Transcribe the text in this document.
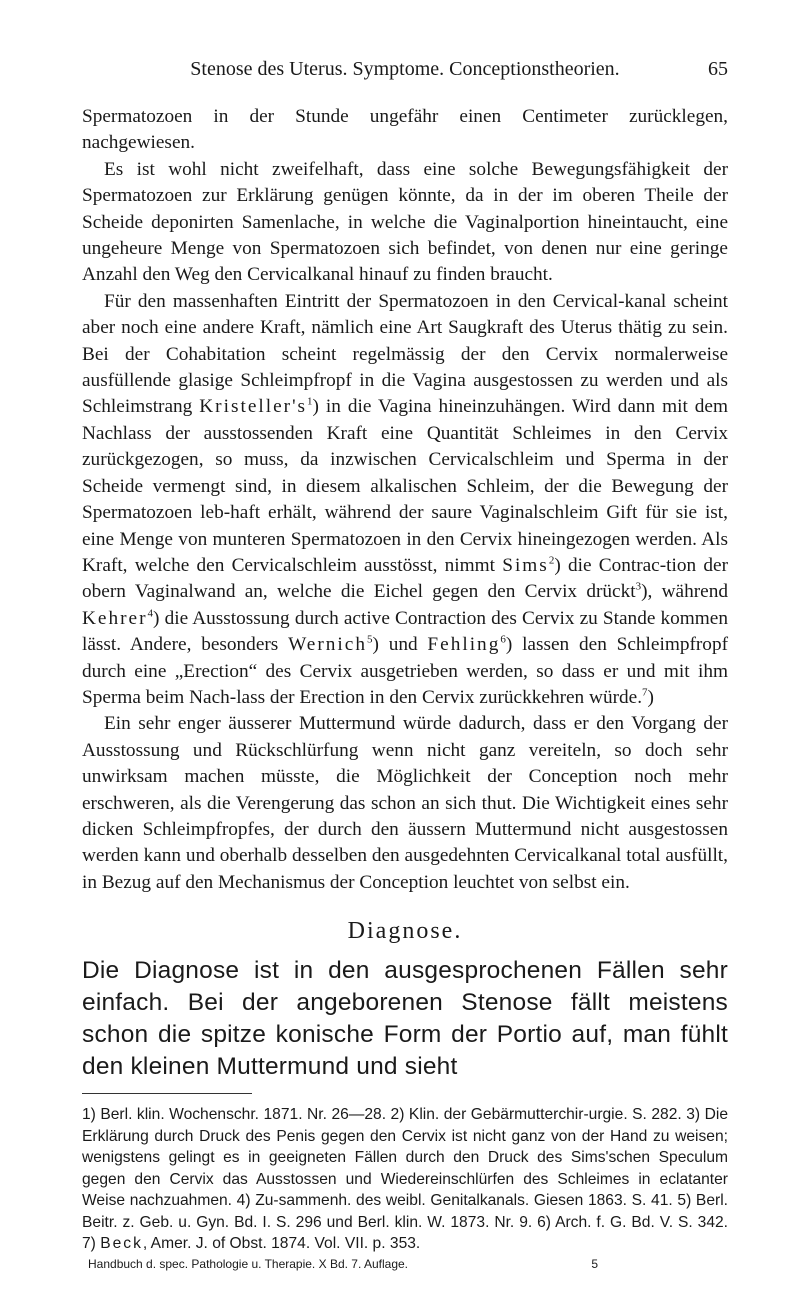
Stenose des Uterus. Symptome. Conceptionstheorien.	65

Spermatozoen in der Stunde ungefähr einen Centimeter zurücklegen, nachgewiesen.

Es ist wohl nicht zweifelhaft, dass eine solche Bewegungsfähigkeit der Spermatozoen zur Erklärung genügen könnte, da in der im oberen Theile der Scheide deponirten Samenlache, in welche die Vaginalportion hineintaucht, eine ungeheure Menge von Spermatozoen sich befindet, von denen nur eine geringe Anzahl den Weg den Cervicalkanal hinauf zu finden braucht.

Für den massenhaften Eintritt der Spermatozoen in den Cervical-kanal scheint aber noch eine andere Kraft, nämlich eine Art Saugkraft des Uterus thätig zu sein. Bei der Cohabitation scheint regelmässig der den Cervix normalerweise ausfüllende glasige Schleimpfropf in die Vagina ausgestossen zu werden und als Schleimstrang $Kristeller's^1$) in die Vagina hineinzuhängen. Wird dann mit dem Nachlass der ausstossenden Kraft eine Quantität Schleimes in den Cervix zurückgezogen, so muss, da inzwischen Cervicalschleim und Sperma in der Scheide vermengt sind, in diesem alkalischen Schleim, der die Bewegung der Spermatozoen leb-haft erhält, während der saure Vaginalschleim Gift für sie ist, eine Menge von munteren Spermatozoen in den Cervix hineingezogen werden. Als Kraft, welche den Cervicalschleim ausstösst, nimmt Sims$^2$) die Contrac-tion der obern Vaginalwand an, welche die Eichel gegen den Cervix drückt$^3$), während Kehrer$^4$) die Ausstossung durch active Contraction des Cervix zu Stande kommen lässt. Andere, besonders Wernich$^5$) und Fehling$^6$) lassen den Schleimpfropf durch eine „Erection“ des Cervix ausgetrieben werden, so dass er und mit ihm Sperma beim Nach-lass der Erection in den Cervix zurückkehren würde.$^7$)

Ein sehr enger äusserer Muttermund würde dadurch, dass er den Vorgang der Ausstossung und Rückschlürfung wenn nicht ganz vereiteln, so doch sehr unwirksam machen müsste, die Möglichkeit der Conception noch mehr erschweren, als die Verengerung das schon an sich thut. Die Wichtigkeit eines sehr dicken Schleimpfropfes, der durch den äussern Muttermund nicht ausgestossen werden kann und oberhalb desselben den ausgedehnten Cervicalkanal total ausfüllt, in Bezug auf den Mechanismus der Conception leuchtet von selbst ein.

Diagnose.
Die Diagnose ist in den ausgesprochenen Fällen sehr einfach. Bei der angeborenen Stenose fällt meistens schon die spitze konische Form der Portio auf, man fühlt den kleinen Muttermund und sieht

1) Berl. klin. Wochenschr. 1871. Nr. 26—28. 2) Klin. der Gebärmutterchir-urgie. S. 282. 3) Die Erklärung durch Druck des Penis gegen den Cervix ist nicht ganz von der Hand zu weisen; wenigstens gelingt es in geeigneten Fällen durch den Druck des Sims'schen Speculum gegen den Cervix das Ausstossen und Wiedereinschlürfen des Schleimes in eclatanter Weise nachzuahmen. 4) Zu-sammenh. des weibl. Genitalkanals. Giesen 1863. S. 41. 5) Berl. Beitr. z. Geb. u. Gyn. Bd. I. S. 296 und Berl. klin. W. 1873. Nr. 9. 6) Arch. f. G. Bd. V. S. 342. 7) Beck, Amer. J. of Obst. 1874. Vol. VII. p. 353.

Handbuch d. spec. Pathologie u. Therapie. X Bd. 7. Auflage.	5
